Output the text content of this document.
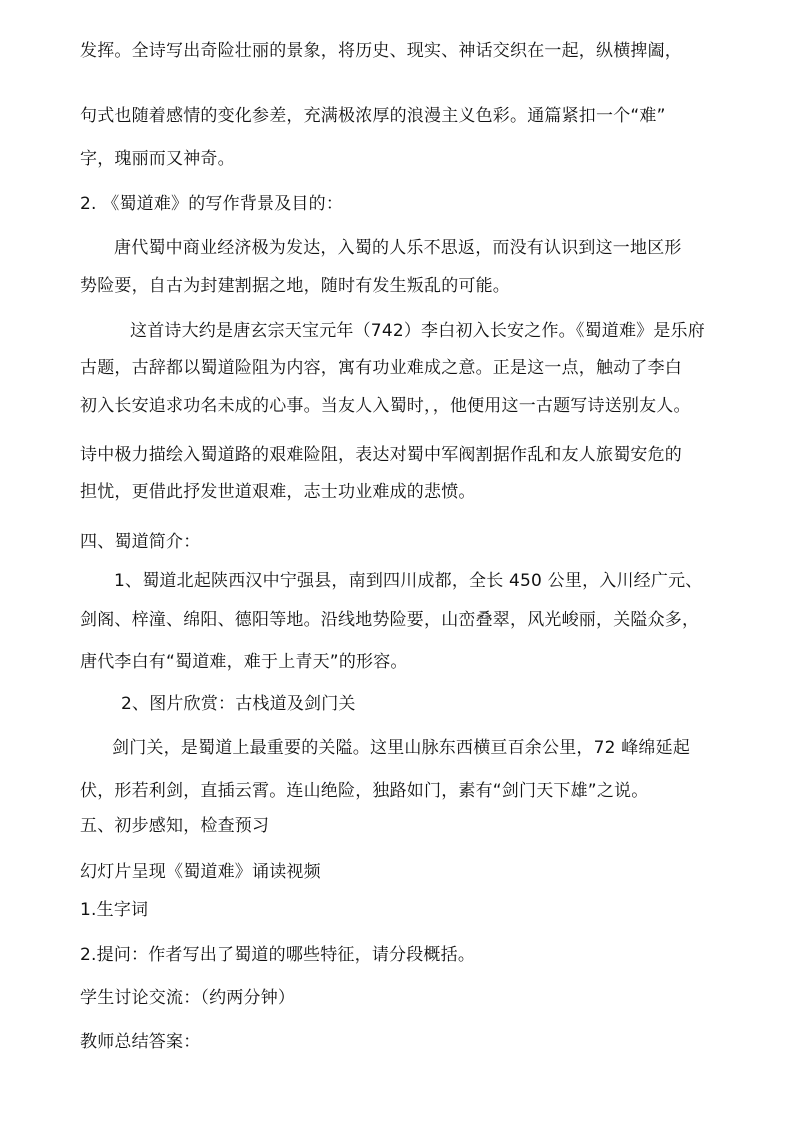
发挥。全诗写出奇险壮丽的景象，将历史、现实、神话交织在一起，纵横捭阖，
句式也随着感情的变化参差，充满极浓厚的浪漫主义色彩。通篇紧扣一个“难”
字，瑰丽而又神奇。
2. 《蜀道难》的写作背景及目的：
唐代蜀中商业经济极为发达，入蜀的人乐不思返，而没有认识到这一地区形
势险要，自古为封建割据之地，随时有发生叛乱的可能。
这首诗大约是唐玄宗天宝元年（742）李白初入长安之作。《蜀道难》是乐府
古题，古辞都以蜀道险阻为内容，寓有功业难成之意。正是这一点，触动了李白
初入长安追求功名未成的心事。当友人入蜀时，，他便用这一古题写诗送别友人。
诗中极力描绘入蜀道路的艰难险阻，表达对蜀中军阀割据作乱和友人旅蜀安危的
担忧，更借此抒发世道艰难，志士功业难成的悲愤。
四、蜀道简介：
1、蜀道北起陕西汉中宁强县，南到四川成都，全长 450 公里，入川经广元、
剑阁、梓潼、绵阳、德阳等地。沿线地势险要，山峦叠翠，风光峻丽，关隘众多，
唐代李白有“蜀道难，难于上青天”的形容。
2、图片欣赏：古栈道及剑门关
剑门关，是蜀道上最重要的关隘。这里山脉东西横亘百余公里，72 峰绵延起
伏，形若利剑，直插云霄。连山绝险，独路如门，素有“剑门天下雄”之说。
五、初步感知，检查预习
幻灯片呈现《蜀道难》诵读视频
1.生字词
2.提问：作者写出了蜀道的哪些特征，请分段概括。
学生讨论交流：（约两分钟）
教师总结答案：
